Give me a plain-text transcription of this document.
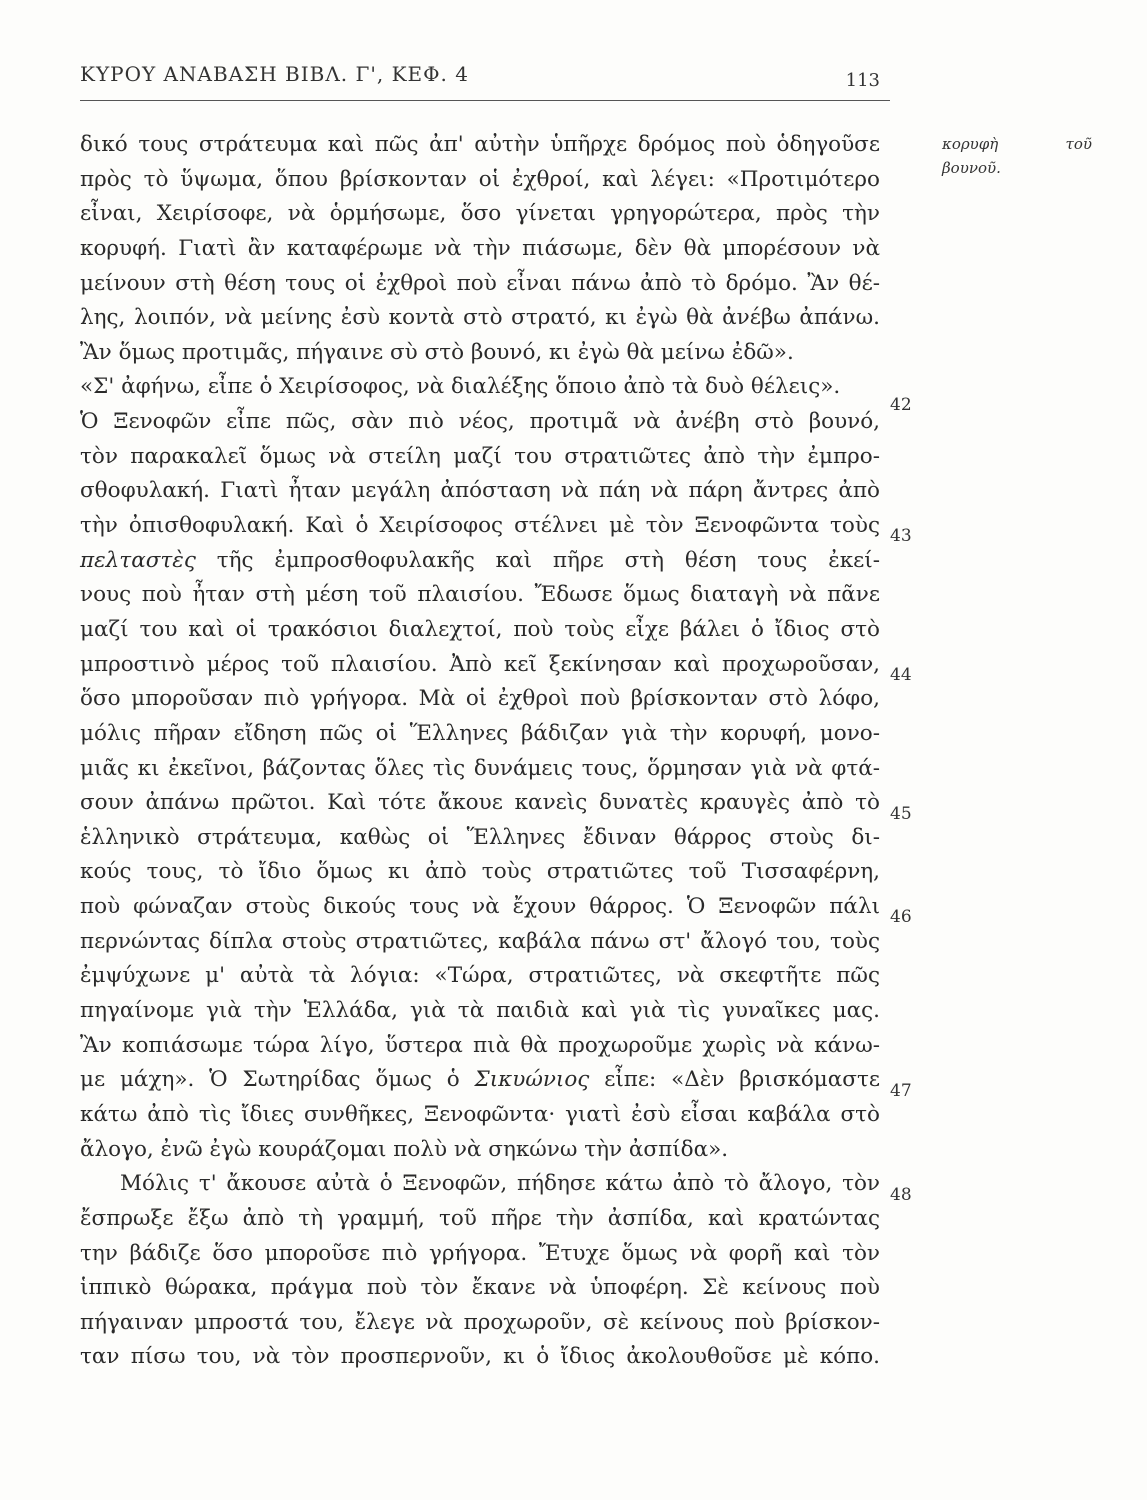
ΚΥΡΟΥ ΑΝΑΒΑΣΗ ΒΙΒΛ. Γ', ΚΕΦ. 4	113
κορυφὴ	τοῦ
βουνοῦ.
δικό τους στράτευμα καὶ πῶς ἀπ' αὐτὴν ὑπῆρχε δρόμος ποὺ ὁδηγοῦσε
πρὸς τὸ ὕψωμα, ὅπου βρίσκονταν οἱ ἐχθροί, καὶ λέγει: «Προτιμότερο
εἶναι, Χειρίσοφε, νὰ ὁρμήσωμε, ὅσο γίνεται γρηγορώτερα, πρὸς τὴν
κορυφή. Γιατὶ ἂν καταφέρωμε νὰ τὴν πιάσωμε, δὲν θὰ μπορέσουν νὰ
μείνουν στὴ θέση τους οἱ ἐχθροὶ ποὺ εἶναι πάνω ἀπὸ τὸ δρόμο. Ἂν θέ-
λης, λοιπόν, νὰ μείνης ἐσὺ κοντὰ στὸ στρατό, κι ἐγὼ θὰ ἀνέβω ἀπάνω.
Ἂν ὅμως προτιμᾶς, πήγαινε σὺ στὸ βουνό, κι ἐγὼ θὰ μείνω ἐδῶ».
«Σ' ἀφήνω, εἶπε ὁ Χειρίσοφος, νὰ διαλέξης ὅποιο ἀπὸ τὰ δυὸ θέλεις».
Ὁ Ξενοφῶν εἶπε πῶς, σὰν πιὸ νέος, προτιμᾶ νὰ ἀνέβη στὸ βουνό,
τὸν παρακαλεῖ ὅμως νὰ στείλη μαζί του στρατιῶτες ἀπὸ τὴν ἐμπρο-
σθοφυλακή. Γιατὶ ἦταν μεγάλη ἀπόσταση νὰ πάη νὰ πάρη ἄντρες ἀπὸ
τὴν ὀπισθοφυλακή. Καὶ ὁ Χειρίσοφος στέλνει μὲ τὸν Ξενοφῶντα τοὺς
πελταστὲς τῆς ἐμπροσθοφυλακῆς καὶ πῆρε στὴ θέση τους ἐκεί-
νους ποὺ ἦταν στὴ μέση τοῦ πλαισίου. Ἔδωσε ὅμως διαταγὴ νὰ πᾶνε
μαζί του καὶ οἱ τρακόσιοι διαλεχτοί, ποὺ τοὺς εἶχε βάλει ὁ ἴδιος στὸ
μπροστινὸ μέρος τοῦ πλαισίου. Ἀπὸ κεῖ ξεκίνησαν καὶ προχωροῦσαν,
ὅσο μποροῦσαν πιὸ γρήγορα. Μὰ οἱ ἐχθροὶ ποὺ βρίσκονταν στὸ λόφο,
μόλις πῆραν εἴδηση πῶς οἱ Ἕλληνες βάδιζαν γιὰ τὴν κορυφή, μονο-
μιᾶς κι ἐκεῖνοι, βάζοντας ὅλες τὶς δυνάμεις τους, ὅρμησαν γιὰ νὰ φτά-
σουν ἀπάνω πρῶτοι. Καὶ τότε ἄκουε κανεὶς δυνατὲς κραυγὲς ἀπὸ τὸ
ἑλληνικὸ στράτευμα, καθὼς οἱ Ἕλληνες ἔδιναν θάρρος στοὺς δι-
κούς τους, τὸ ἴδιο ὅμως κι ἀπὸ τοὺς στρατιῶτες τοῦ Τισσαφέρνη,
ποὺ φώναζαν στοὺς δικούς τους νὰ ἔχουν θάρρος. Ὁ Ξενοφῶν πάλι
περνώντας δίπλα στοὺς στρατιῶτες, καβάλα πάνω στ' ἄλογό του, τοὺς
ἐμψύχωνε μ' αὐτὰ τὰ λόγια: «Τώρα, στρατιῶτες, νὰ σκεφτῆτε πῶς
πηγαίνομε γιὰ τὴν Ἑλλάδα, γιὰ τὰ παιδιὰ καὶ γιὰ τὶς γυναῖκες μας.
Ἂν κοπιάσωμε τώρα λίγο, ὕστερα πιὰ θὰ προχωροῦμε χωρὶς νὰ κάνω-
με μάχη». Ὁ Σωτηρίδας ὅμως ὁ Σικυώνιος εἶπε: «Δὲν βρισκόμαστε
κάτω ἀπὸ τὶς ἴδιες συνθῆκες, Ξενοφῶντα· γιατὶ ἐσὺ εἶσαι καβάλα στὸ
ἄλογο, ἐνῶ ἐγὼ κουράζομαι πολὺ νὰ σηκώνω τὴν ἀσπίδα».
Μόλις τ' ἄκουσε αὐτὰ ὁ Ξενοφῶν, πήδησε κάτω ἀπὸ τὸ ἄλογο, τὸν
ἔσπρωξε ἔξω ἀπὸ τὴ γραμμή, τοῦ πῆρε τὴν ἀσπίδα, καὶ κρατώντας
την βάδιζε ὅσο μποροῦσε πιὸ γρήγορα. Ἔτυχε ὅμως νὰ φορῆ καὶ τὸν
ἱππικὸ θώρακα, πράγμα ποὺ τὸν ἔκανε νὰ ὑποφέρη. Σὲ κείνους ποὺ
πήγαιναν μπροστά του, ἔλεγε νὰ προχωροῦν, σὲ κείνους ποὺ βρίσκον-
ταν πίσω του, νὰ τὸν προσπερνοῦν, κι ὁ ἴδιος ἀκολουθοῦσε μὲ κόπο.
42
43
44
45
46
47
48
